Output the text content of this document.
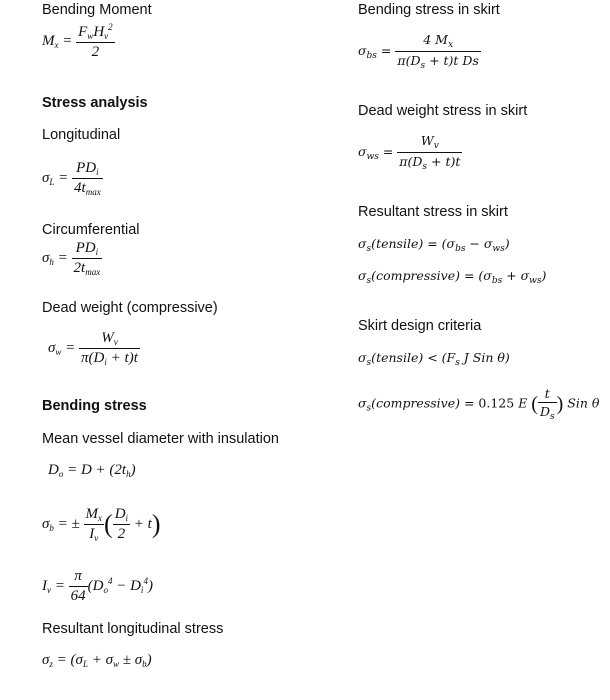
Bending Moment
$M_x = \frac{F_wH_v^2}{2}$
Stress analysis
Longitudinal
$\sigma_L = \frac{PD_i}{4t_{max}}$
Circumferential
$\sigma_h = \frac{PD_i}{2t_{max}}$
Dead weight (compressive)
$\sigma_w = \frac{W_v}{\pi(D_i + t)t}$
Bending stress
Mean vessel diameter with insulation
$D_o = D + (2t_h)$
$\sigma_b$ = ± $\frac{M_x}{I_v}$ ( $\frac{D_i}{2} + t$)
$I_v = \frac{\pi}{64} (D_o^4 - D_i^4)$
Resultant longitudinal stress
$\sigma_z = (\sigma_L + \sigma_w \pm \sigma_b)$
Bending stress in skirt
$\sigma_{bs} = \frac{4 M_x}{\pi(D_s + t)t Ds}$
Dead weight stress in skirt
$\sigma_{ws} = \frac{W_v}{\pi(D_s + t)t}$
Resultant stress in skirt
$\sigma_s(tensile) = (\sigma_{bs} - \sigma_{ws})$
$\sigma_s(compressive) = (\sigma_{bs} + \sigma_{ws})$
Skirt design criteria
$\sigma_s(tensile) < (F_s$ J Sin θ)
$\sigma_s(compressive) = 0.125$ E ( $\frac{t}{D_s}$ ) Sin θ
